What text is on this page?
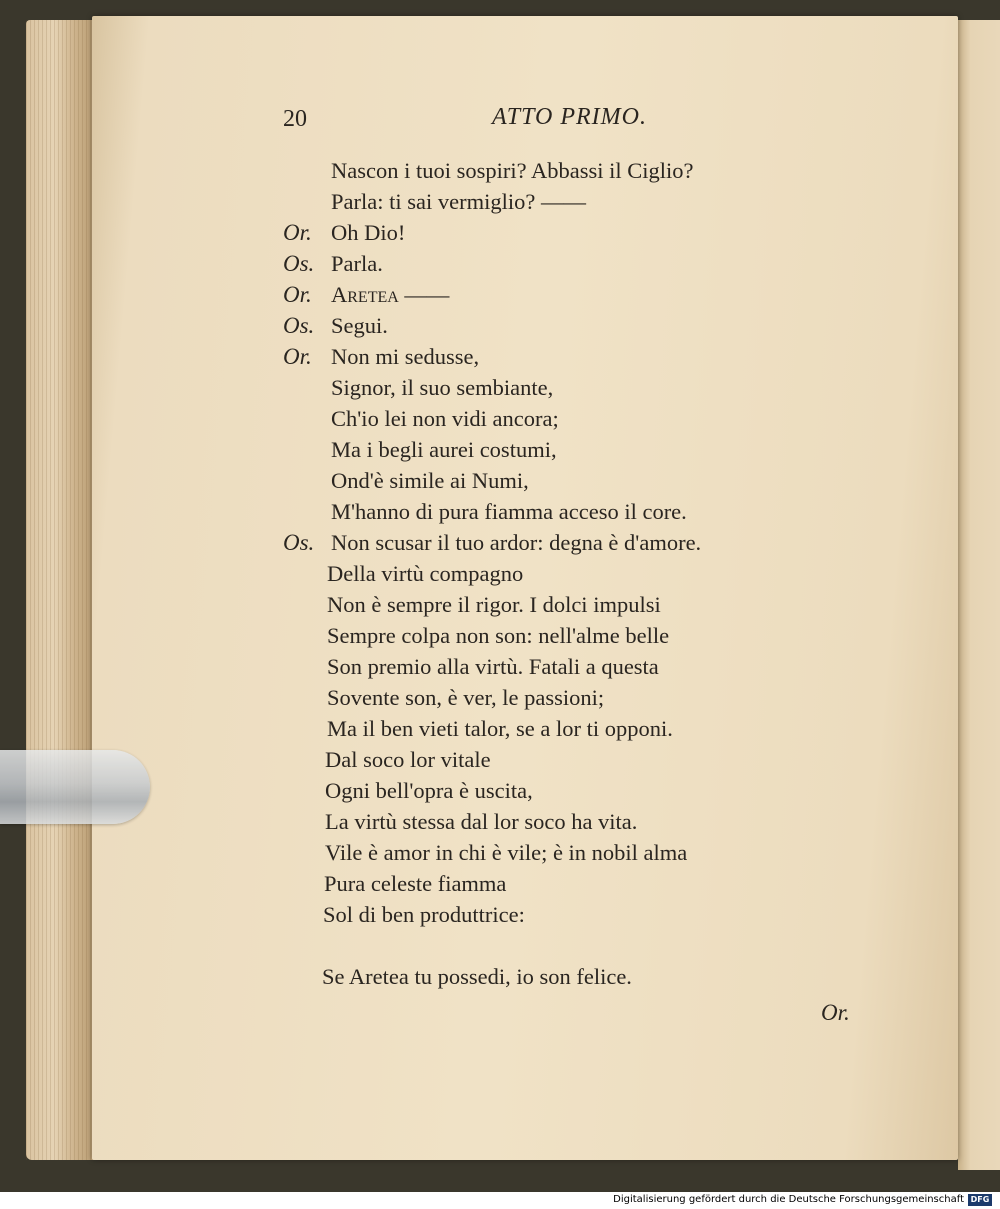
20	ATTO PRIMO.
Nascon i tuoi sospiri? Abbassi il Ciglio?
Parla: ti sai vermiglio? ——
Or. Oh Dio!
Os. Parla.
Or. Aretea ——
Os. Segui.
Or. Non mi sedusse,
Signor, il suo sembiante,
Ch'io lei non vidi ancora;
Ma i begli aurei costumi,
Ond'è simile ai Numi,
M'hanno di pura fiamma acceso il core.
Os. Non scusar il tuo ardor: degna è d'amore.
Della virtù compagno
Non è sempre il rigor. I dolci impulsi
Sempre colpa non son: nell'alme belle
Son premio alla virtù. Fatali a questa
Sovente son, è ver, le passioni;
Ma il ben vieti talor, se a lor ti opponi.
Dal soco lor vitale
Ogni bell'opra è uscita,
La virtù stessa dal lor soco ha vita.
Vile è amor in chi è vile; è in nobil alma
Pura celeste fiamma
Sol di ben produttrice:
Se Aretea tu possedi, io son felice.
Or.
Digitalisierung gefördert durch die Deutsche Forschungsgemeinschaft DFG
